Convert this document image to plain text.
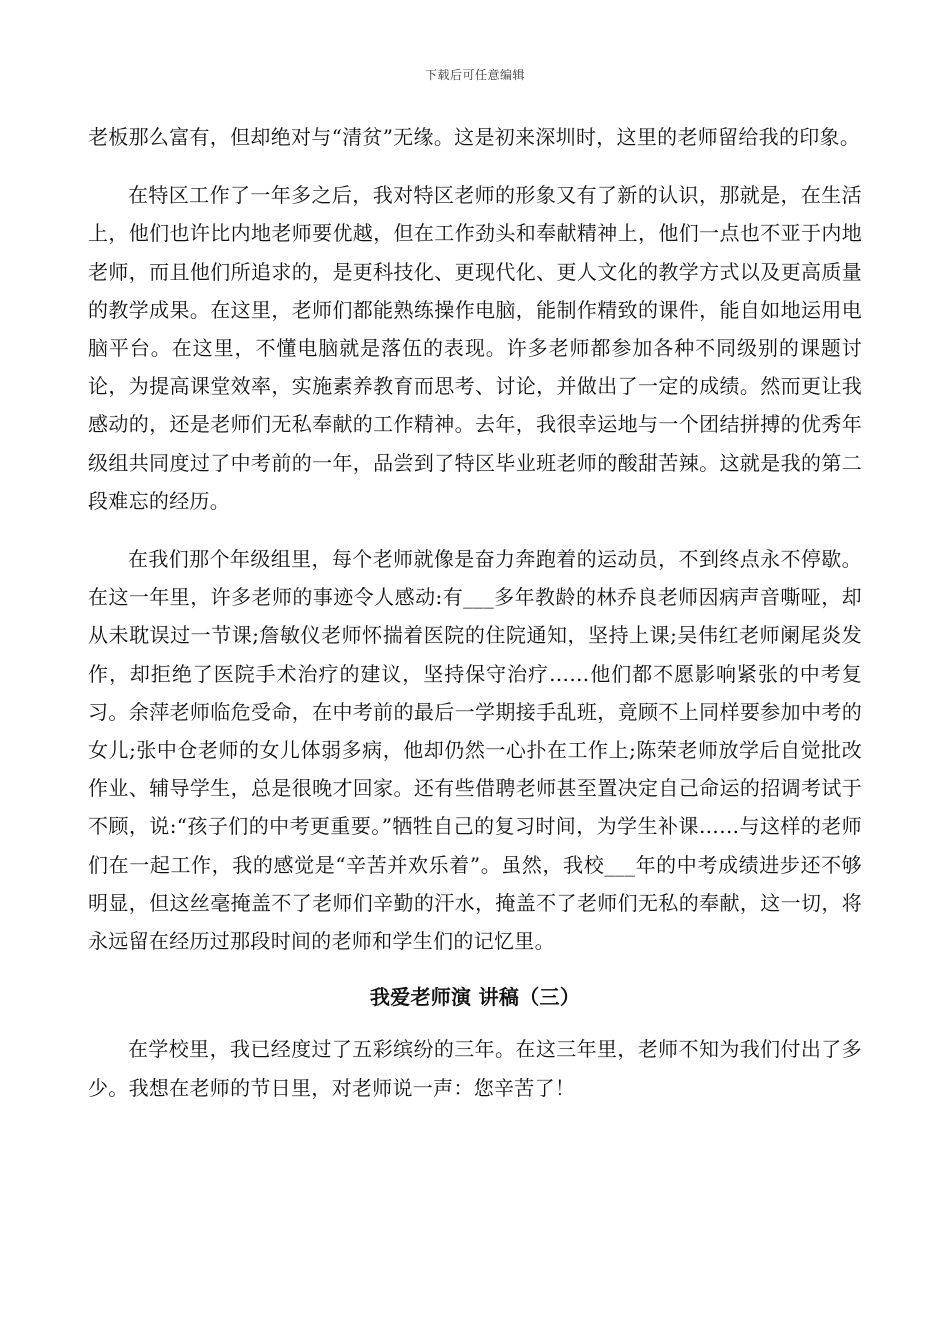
下载后可任意编辑

老板那么富有，但却绝对与“清贫”无缘。这是初来深圳时，这里的老师留给我的印象。

在特区工作了一年多之后，我对特区老师的形象又有了新的认识，那就是，在生活上，他们也许比内地老师要优越，但在工作劲头和奉献精神上，他们一点也不亚于内地老师，而且他们所追求的，是更科技化、更现代化、更人文化的教学方式以及更高质量的教学成果。在这里，老师们都能熟练操作电脑，能制作精致的课件，能自如地运用电脑平台。在这里，不懂电脑就是落伍的表现。许多老师都参加各种不同级别的课题讨论，为提高课堂效率，实施素养教育而思考、讨论，并做出了一定的成绩。然而更让我感动的，还是老师们无私奉献的工作精神。去年，我很幸运地与一个团结拼搏的优秀年级组共同度过了中考前的一年，品尝到了特区毕业班老师的酸甜苦辣。这就是我的第二段难忘的经历。

在我们那个年级组里，每个老师就像是奋力奔跑着的运动员，不到终点永不停歇。在这一年里，许多老师的事迹令人感动:有___多年教龄的林乔良老师因病声音嘶哑，却从未耽误过一节课;詹敏仪老师怀揣着医院的住院通知，坚持上课;吴伟红老师阑尾炎发作，却拒绝了医院手术治疗的建议，坚持保守治疗……他们都不愿影响紧张的中考复习。余萍老师临危受命，在中考前的最后一学期接手乱班，竟顾不上同样要参加中考的女儿;张中仓老师的女儿体弱多病，他却仍然一心扑在工作上;陈荣老师放学后自觉批改作业、辅导学生，总是很晚才回家。还有些借聘老师甚至置决定自己命运的招调考试于不顾，说:“孩子们的中考更重要。”牺牲自己的复习时间，为学生补课……与这样的老师们在一起工作，我的感觉是“辛苦并欢乐着”。虽然，我校___年的中考成绩进步还不够明显，但这丝毫掩盖不了老师们辛勤的汗水，掩盖不了老师们无私的奉献，这一切，将永远留在经历过那段时间的老师和学生们的记忆里。

我爱老师演 讲稿（三）

在学校里，我已经度过了五彩缤纷的三年。在这三年里，老师不知为我们付出了多少。我想在老师的节日里，对老师说一声：您辛苦了！
